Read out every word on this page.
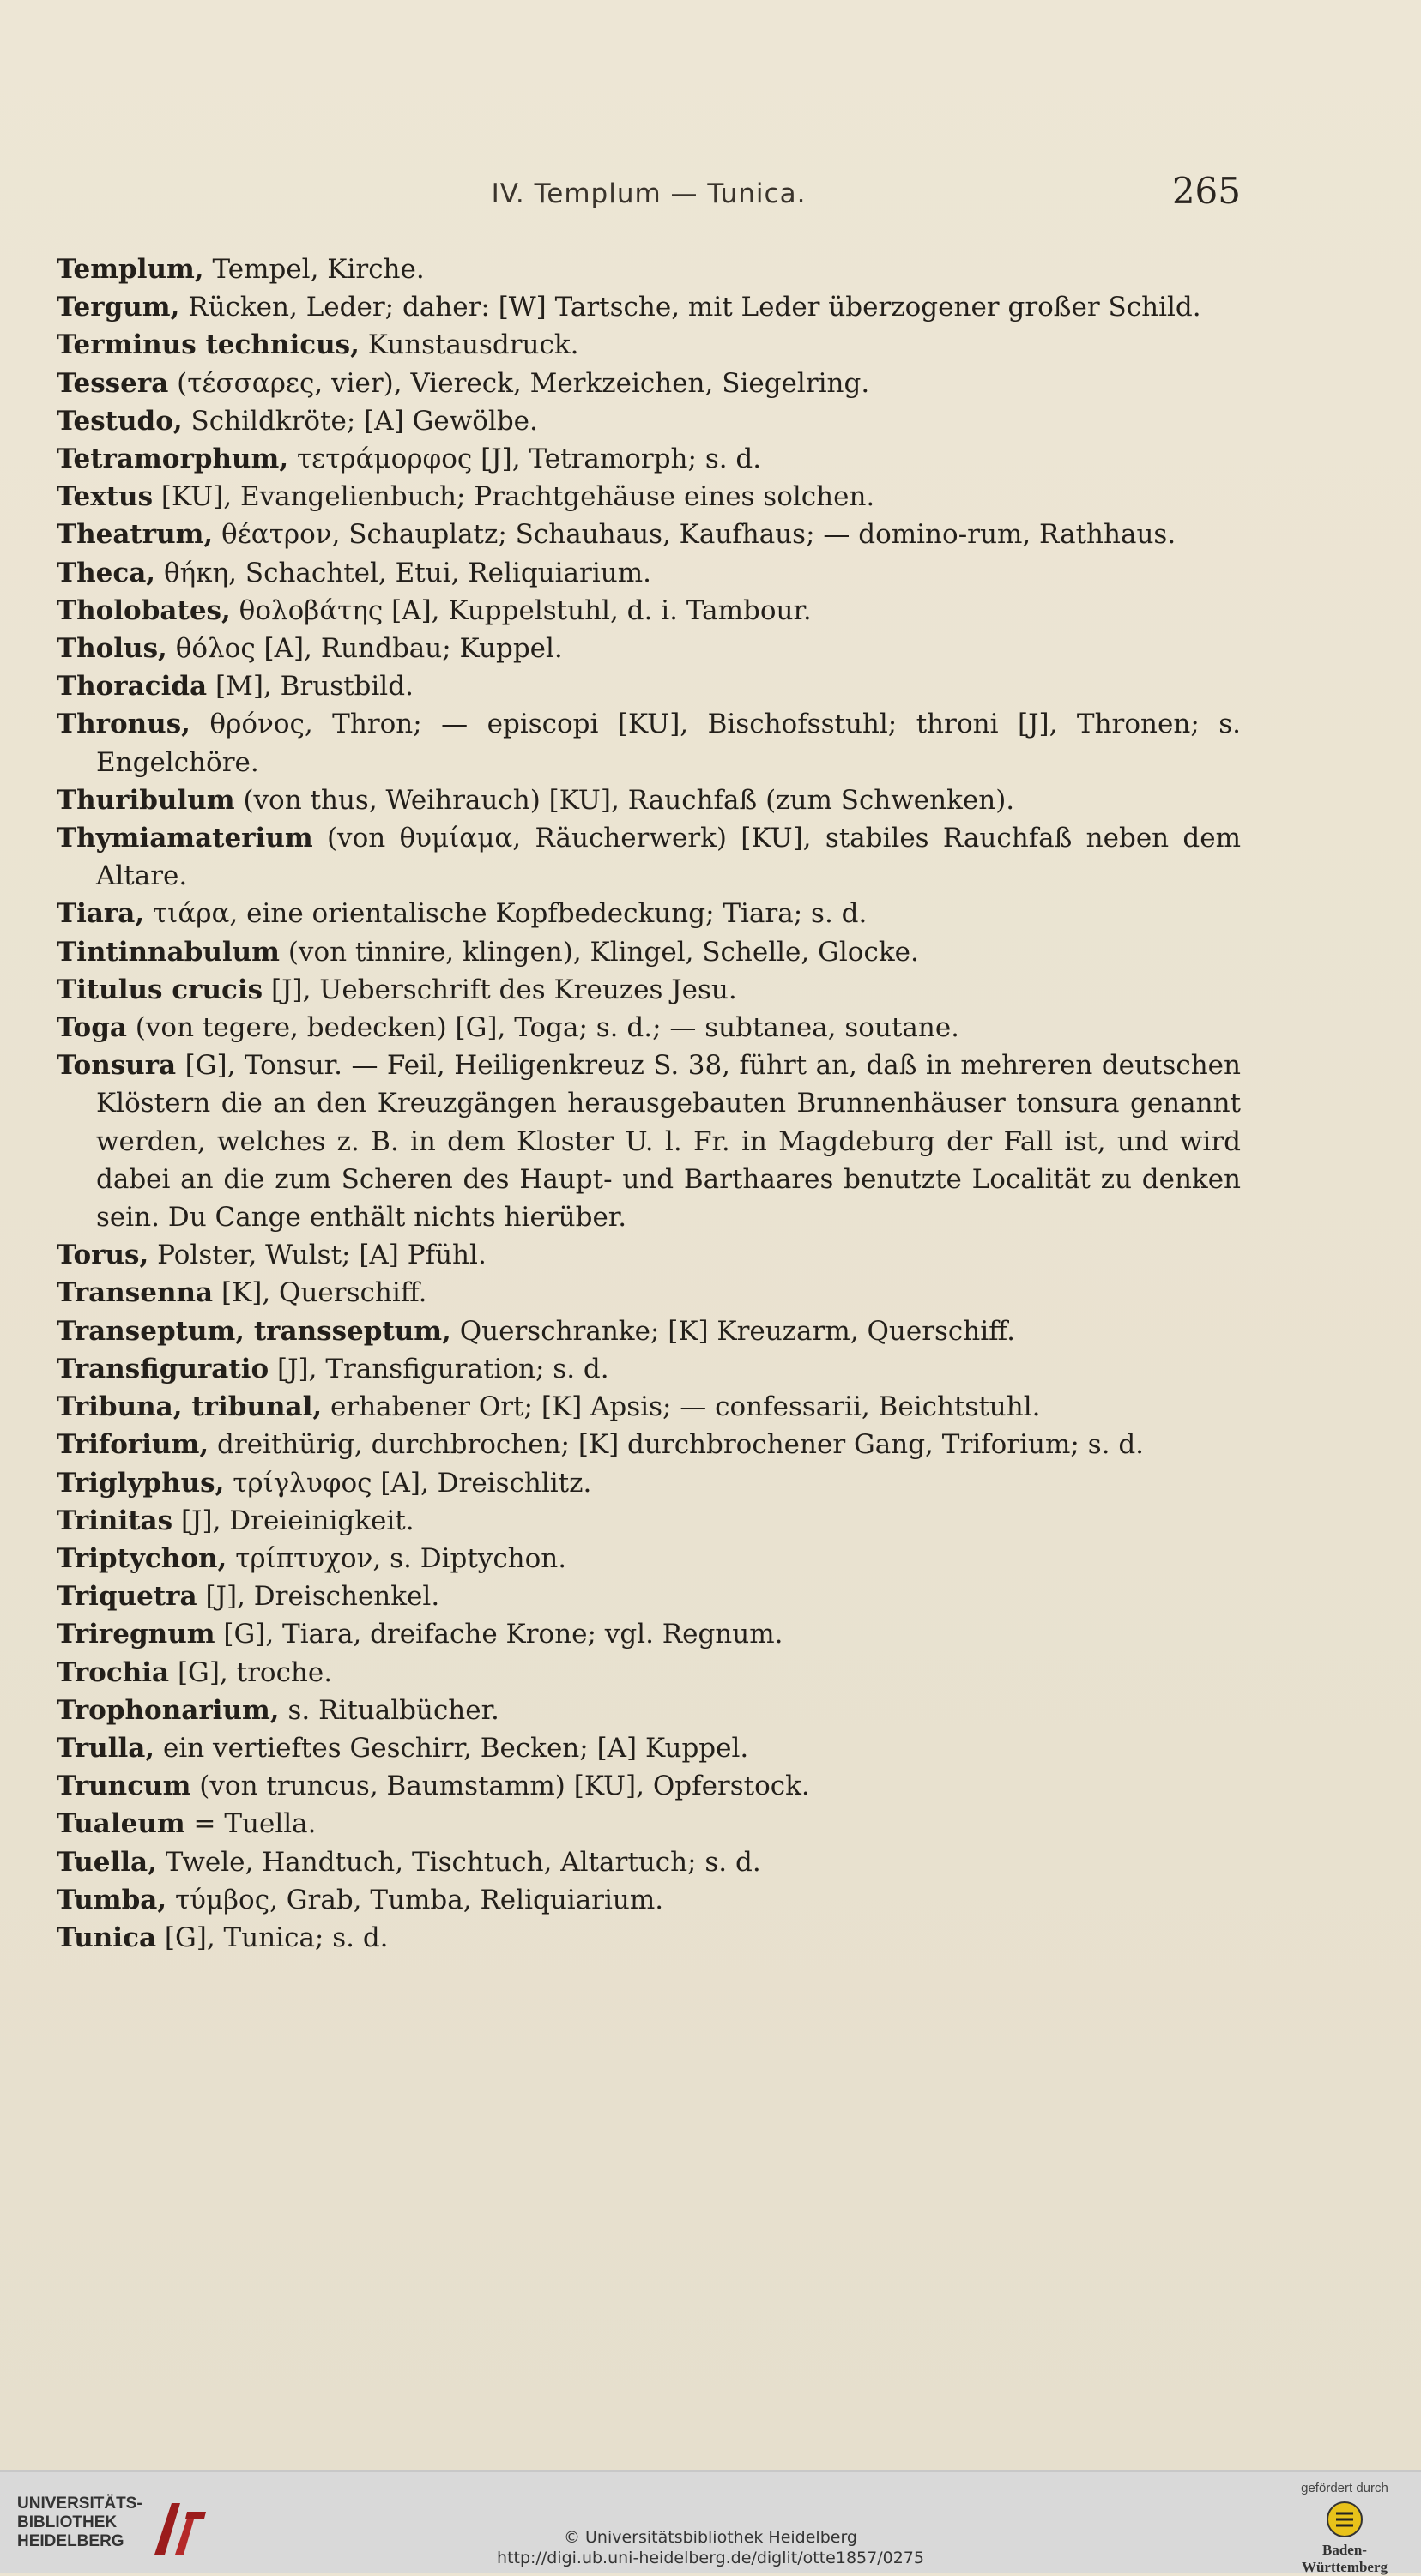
IV. Templum — Tunica.	265
Templum, Tempel, Kirche.
Tergum, Rücken, Leder; daher: [W] Tartsche, mit Leder überzogener großer Schild.
Terminus technicus, Kunstausdruck.
Tessera (τέσσαρες, vier), Viereck, Merkzeichen, Siegelring.
Testudo, Schildkröte; [A] Gewölbe.
Tetramorphum, τετράμορφος [J], Tetramorph; s. d.
Textus [KU], Evangelienbuch; Prachtgehäuse eines solchen.
Theatrum, θέατρον, Schauplatz; Schauhaus, Kaufhaus; — domino-rum, Rathhaus.
Theca, θήκη, Schachtel, Etui, Reliquiarium.
Tholobates, θολοβάτης [A], Kuppelstuhl, d. i. Tambour.
Tholus, θόλος [A], Rundbau; Kuppel.
Thoracida [M], Brustbild.
Thronus, θρόνος, Thron; — episcopi [KU], Bischofsstuhl; throni [J], Thronen; s. Engelchöre.
Thuribulum (von thus, Weihrauch) [KU], Rauchfaß (zum Schwenken).
Thymiamaterium (von θυμίαμα, Räucherwerk) [KU], stabiles Rauchfaß neben dem Altare.
Tiara, τιάρα, eine orientalische Kopfbedeckung; Tiara; s. d.
Tintinnabulum (von tinnire, klingen), Klingel, Schelle, Glocke.
Titulus crucis [J], Ueberschrift des Kreuzes Jesu.
Toga (von tegere, bedecken) [G], Toga; s. d.; — subtanea, soutane.
Tonsura [G], Tonsur. — Feil, Heiligenkreuz S. 38, führt an, daß in mehreren deutschen Klöstern die an den Kreuzgängen herausgebauten Brunnenhäuser tonsura genannt werden, welches z. B. in dem Kloster U. l. Fr. in Magdeburg der Fall ist, und wird dabei an die zum Scheren des Haupt- und Barthaares benutzte Localität zu denken sein. Du Cange enthält nichts hierüber.
Torus, Polster, Wulst; [A] Pfühl.
Transenna [K], Querschiff.
Transeptum, transseptum, Querschranke; [K] Kreuzarm, Querschiff.
Transfiguratio [J], Transfiguration; s. d.
Tribuna, tribunal, erhabener Ort; [K] Apsis; — confessarii, Beichtstuhl.
Triforium, dreithürig, durchbrochen; [K] durchbrochener Gang, Triforium; s. d.
Triglyphus, τρίγλυφος [A], Dreischlitz.
Trinitas [J], Dreieinigkeit.
Triptychon, τρίπτυχον, s. Diptychon.
Triquetra [J], Dreischenkel.
Triregnum [G], Tiara, dreifache Krone; vgl. Regnum.
Trochia [G], troche.
Trophonarium, s. Ritualbücher.
Trulla, ein vertieftes Geschirr, Becken; [A] Kuppel.
Truncum (von truncus, Baumstamm) [KU], Opferstock.
Tualeum = Tuella.
Tuella, Twele, Handtuch, Tischtuch, Altartuch; s. d.
Tumba, τύμβος, Grab, Tumba, Reliquiarium.
Tunica [G], Tunica; s. d.
UNIVERSITÄTS-
BIBLIOTHEK
HEIDELBERG	© Universitätsbibliothek Heidelberg
http://digi.ub.uni-heidelberg.de/diglit/otte1857/0275
gefördert durch
Baden-Württemberg
